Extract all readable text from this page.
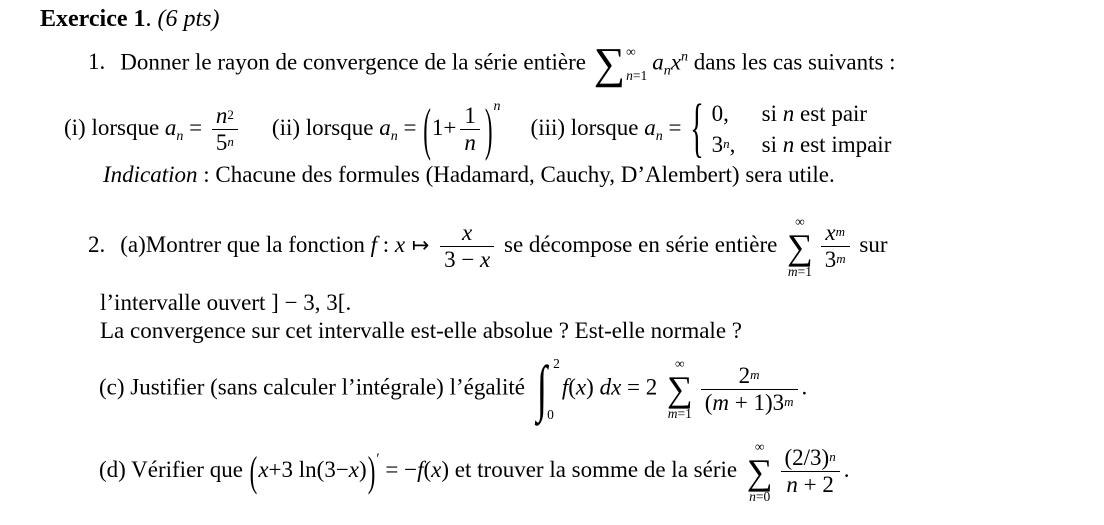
Exercice 1. (6 pts)
1. Donner le rayon de convergence de la série entière ∑ ∞
n=1
$a_nx^n$ dans les cas suivants :
(i) lorsque $a_n = \frac{n2}{5n} (ii)$ lorsque $a_n = (1+ \frac{1}{n} )^n(iii)$ lorsque $a_n$ = { 0,	si n est pair
3n,	si n est impair
Indication : Chacune des formules (Hadamard, Cauchy, D’Alembert) sera utile.
2. (a)Montrer que la fonction f : x ↦ $\frac{x}{3 - x}$ se décompose en série entière
∞
∑
$m=1 \frac{xm}{3m}$ sur
l’intervalle ouvert ] − 3, 3[.
La convergence sur cet intervalle est-elle absolue ? Est-elle normale ?
(c) Justifier (sans calculer l’intégrale) l’égalité ∫ 2
0
f(x) dx = 2
∞
∑
$m=1 \frac{2m}{(m + 1)3m}$ .
(d) Vérifier que (x+3 ln(3−x))′ = −f(x) et trouver la somme de la série
∞
∑
$n=0 \frac{(2/3)n}{n + 2}$ .
